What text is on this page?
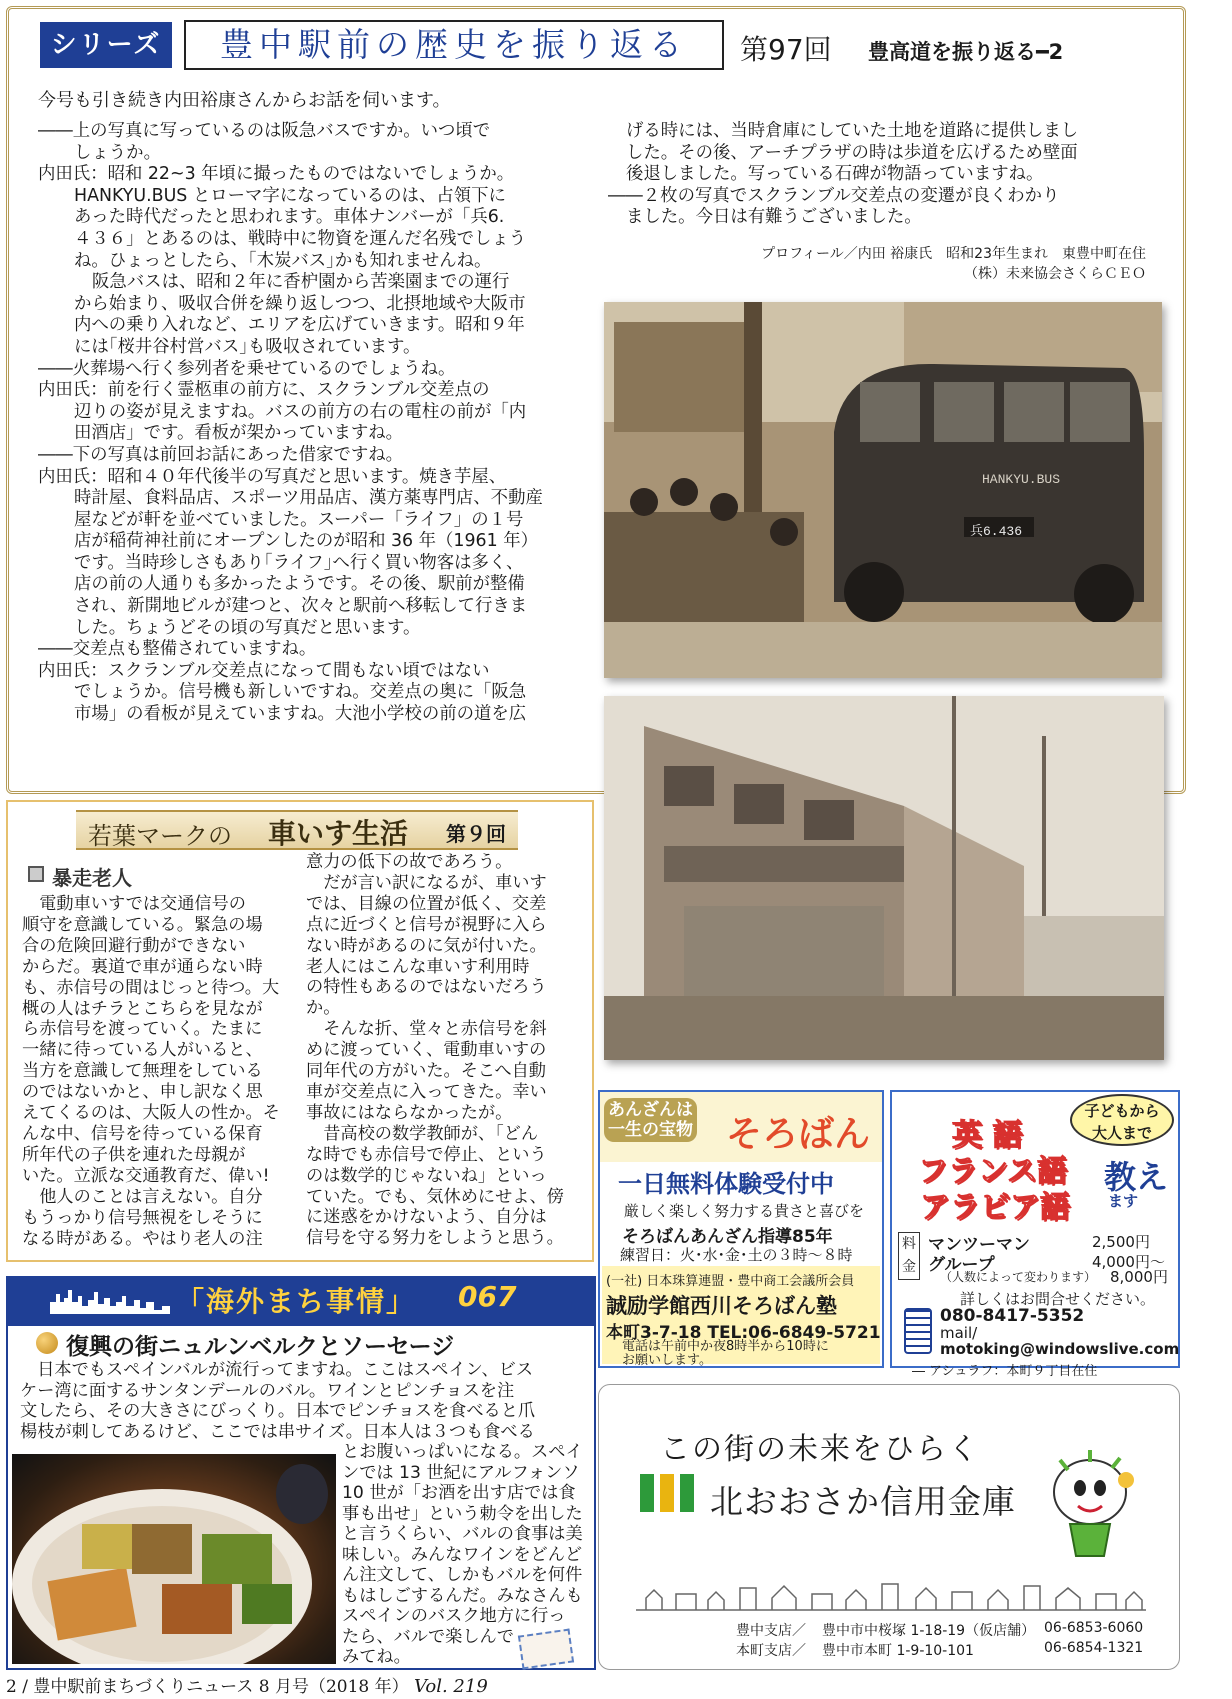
シリーズ	豊中駅前の歴史を振り返る	第97回 豊高道を振り返る━2
今号も引き続き内田裕康さんからお話を伺います。

――上の写真に写っているのは阪急バスですか。いつ頃で

しょうか。

内田氏：昭和 22~3 年頃に撮ったものではないでしょうか。

HANKYU.BUS とローマ字になっているのは、占領下に

あった時代だったと思われます。車体ナンバーが「兵6.

４３６」とあるのは、戦時中に物資を運んだ名残でしょう

ね。ひょっとしたら、｢木炭バス｣かも知れませんね。

阪急バスは、昭和２年に香枦園から苦楽園までの運行

から始まり、吸収合併を繰り返しつつ、北摂地域や大阪市

内への乗り入れなど、エリアを広げていきます。昭和９年

には｢桜井谷村営バス｣も吸収されています。

――火葬場へ行く参列者を乗せているのでしょうね。

内田氏：前を行く霊柩車の前方に、スクランブル交差点の

辺りの姿が見えますね。バスの前方の右の電柱の前が「内

田酒店」です。看板が架かっていますね。

――下の写真は前回お話にあった借家ですね。

内田氏：昭和４０年代後半の写真だと思います。焼き芋屋、

時計屋、食料品店、スポーツ用品店、漢方薬専門店、不動産

屋などが軒を並べていました。スーパー「ライフ」の１号

店が稲荷神社前にオープンしたのが昭和 36 年（1961 年）

です。当時珍しさもあり｢ライフ｣へ行く買い物客は多く、

店の前の人通りも多かったようです。その後、駅前が整備

され、新開地ビルが建つと、次々と駅前へ移転して行きま

した。ちょうどその頃の写真だと思います。

――交差点も整備されていますね。

内田氏：スクランブル交差点になって間もない頃ではない

でしょうか。信号機も新しいですね。交差点の奥に「阪急

市場」の看板が見えていますね。大池小学校の前の道を広

げる時には、当時倉庫にしていた土地を道路に提供しまし

した。その後、アーチプラザの時は歩道を広げるため壁面

後退しました。写っている石碑が物語っていますね。

――２枚の写真でスクランブル交差点の変遷が良くわかり

ました。今日は有難うございました。

プロフィール／内田 裕康氏　昭和23年生まれ　東豊中町在住

（株）未来協会さくらＣＥＯ

HANKYU.BUS
兵6.436
若葉マークの 車いす生活 第９回
暴走老人

　電動車いすでは交通信号の

順守を意識している。緊急の場

合の危険回避行動ができない

からだ。裏道で車が通らない時

も、赤信号の間はじっと待つ。大

概の人はチラとこちらを見なが

ら赤信号を渡っていく。たまに

一緒に待っている人がいると、

当方を意識して無理をしている

のではないかと、申し訳なく思

えてくるのは、大阪人の性か。そ

んな中、信号を待っている保育

所年代の子供を連れた母親が

いた。立派な交通教育だ、偉い!

　他人のことは言えない。自分

もうっかり信号無視をしそうに

なる時がある。やはり老人の注

意力の低下の故であろう。

　だが言い訳になるが、車いす

では、目線の位置が低く、交差

点に近づくと信号が視野に入ら

ない時があるのに気が付いた。

老人にはこんな車いす利用時

の特性もあるのではないだろう

か。

　そんな折、堂々と赤信号を斜

めに渡っていく、電動車いすの

同年代の方がいた。そこへ自動

車が交差点に入ってきた。幸い

事故にはならなかったが。

　昔高校の数学教師が、「どん

な時でも赤信号で停止、という

のは数学的じゃないね」といっ

ていた。でも、気休めにせよ、傍

に迷惑をかけないよう、自分は

信号を守る努力をしようと思う。

「海外まち事情」 067
復興の街ニュルンベルクとソーセージ

　日本でもスペインバルが流行ってますね。ここはスペイン、ビス

ケー湾に面するサンタンデールのバル。ワインとピンチョスを注

文したら、その大きさにびっくり。日本でピンチョスを食べると爪

楊枝が刺してあるけど、ここでは串サイズ。日本人は３つも食べる

とお腹いっぱいになる。スペイ

ンでは 13 世紀にアルフォンソ

10 世が「お酒を出す店では食

事も出せ」という勅令を出した

と言うくらい、バルの食事は美

味しい。みんなワインをどんど

ん注文して、しかもバルを何件

もはしごするんだ。みなさんも

スペインのバスク地方に行っ

たら、バルで楽しんで

みてね。

あんざんは
一生の宝物 そろばん
一日無料体験受付中
厳しく楽しく努力する貴さと喜びを
そろばんあんざん指導85年
練習日：火･水･金･土の３時～８時
(一社) 日本珠算連盟・豊中商工会議所会員
誠励学館西川そろばん塾
本町3-7-18 TEL:06-6849-5721
電話は午前中か夜8時半から10時に
お願いします。
子どもから
大人まで
英 語
フランス語
アラビア語
教え
ます
料金
マンツーマン	2,500円
グループ	4,000円～
（人数によって変わります） 8,000円
詳しくはお問合せください。
080-8417-5352
mail/
motoking@windowslive.com
― アシュラフ：本町９丁目在住
この街の未来をひらく
北おおさか信用金庫
豊中支店／ 豊中市中桜塚 1-18-19（仮店舗） 06-6853-6060
本町支店／ 豊中市本町 1-9-10-101	06-6854-1321
2 / 豊中駅前まちづくりニュース 8 月号（2018 年） Vol. 219
